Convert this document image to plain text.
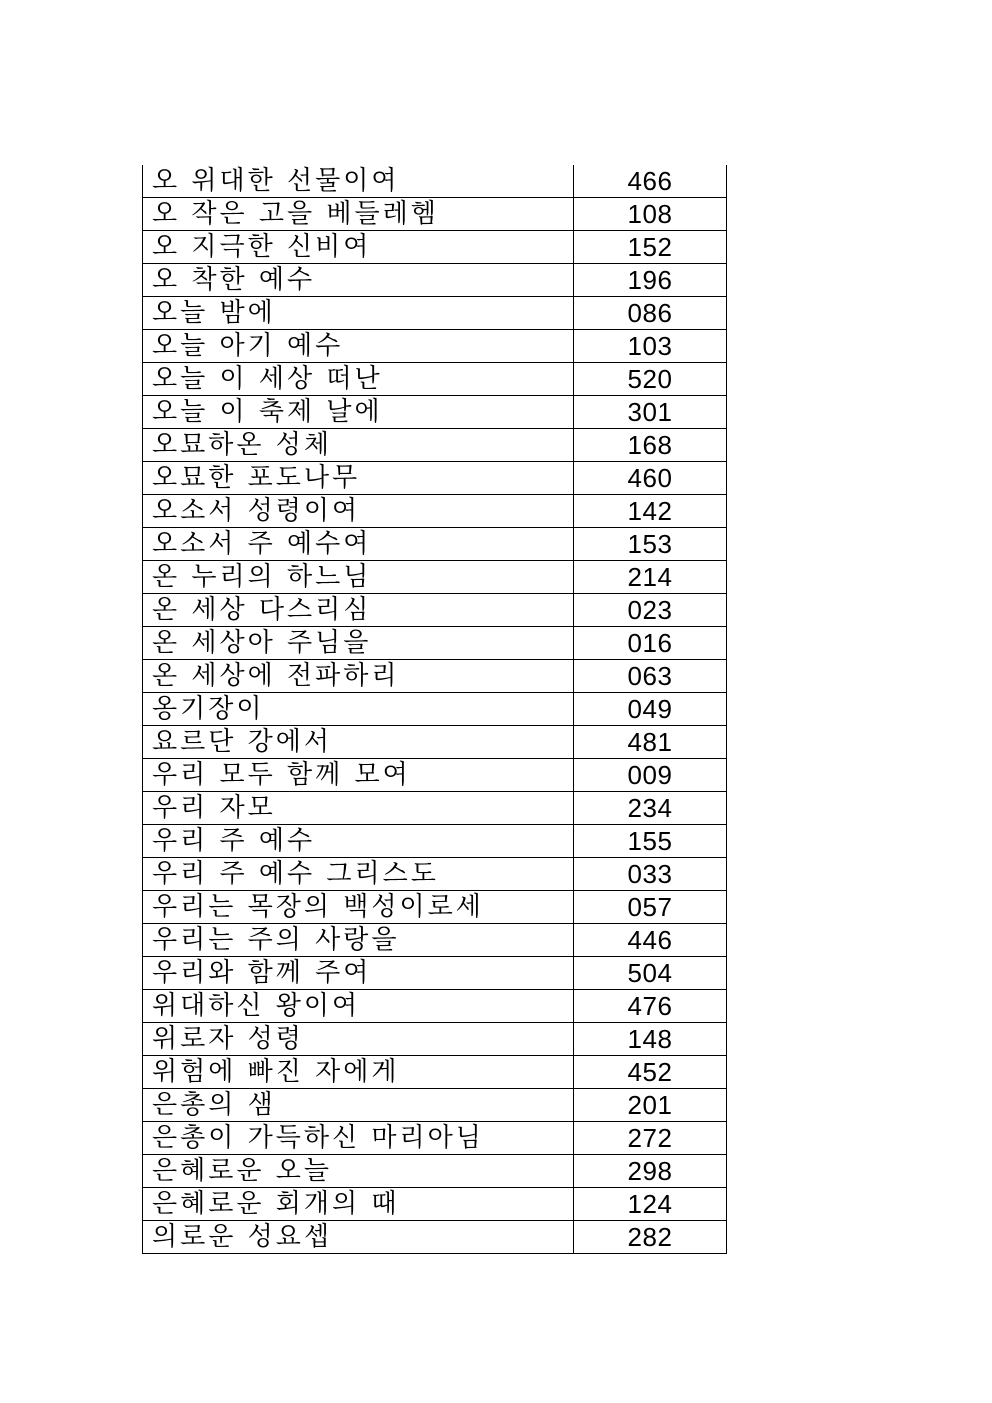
오 위대한 선물이여	466
오 작은 고을 베들레헴	108
오 지극한 신비여	152
오 착한 예수	196
오늘 밤에	086
오늘 아기 예수	103
오늘 이 세상 떠난	520
오늘 이 축제 날에	301
오묘하온 성체	168
오묘한 포도나무	460
오소서 성령이여	142
오소서 주 예수여	153
온 누리의 하느님	214
온 세상 다스리심	023
온 세상아 주님을	016
온 세상에 전파하리	063
옹기장이	049
요르단 강에서	481
우리 모두 함께 모여	009
우리 자모	234
우리 주 예수	155
우리 주 예수 그리스도	033
우리는 목장의 백성이로세	057
우리는 주의 사랑을	446
우리와 함께 주여	504
위대하신 왕이여	476
위로자 성령	148
위험에 빠진 자에게	452
은총의 샘	201
은총이 가득하신 마리아님	272
은혜로운 오늘	298
은혜로운 회개의 때	124
의로운 성요셉	282
